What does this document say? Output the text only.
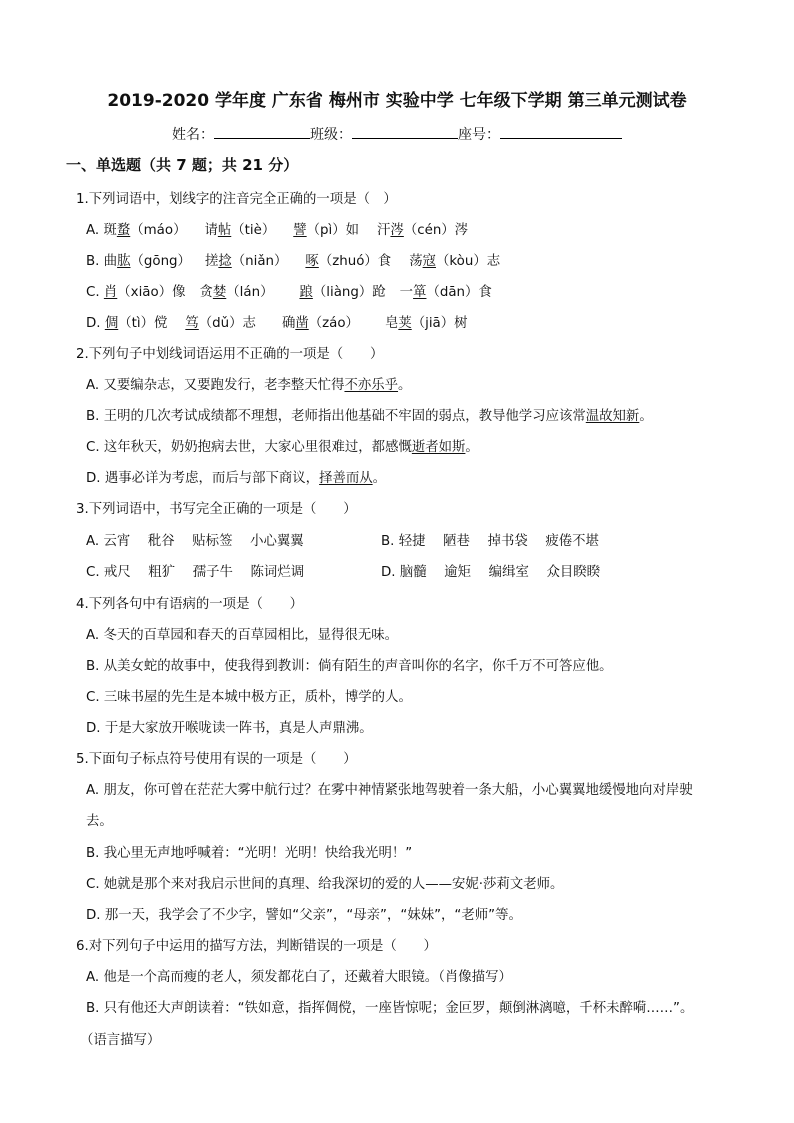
2019-2020 学年度 广东省 梅州市 实验中学 七年级下学期 第三单元测试卷
姓名：	班级：	座号：
一、单选题（共 7 题；共 21 分）
1.下列词语中，划线字的注音完全正确的一项是（　）
A. 斑蝥（máo） 请帖（tiè） 譬（pì）如 汗涔（cén）涔
B. 曲肱（gōng） 搓捻（niǎn） 啄（zhuó）食 荡寇（kòu）志
C. 肖（xiāo）像 贪婪（lán） 踉（liàng）跄 一箪（dān）食
D. 倜（tì）傥 笃（dǔ）志 确凿（záo） 皂荚（jiā）树
2.下列句子中划线词语运用不正确的一项是（　　）
A. 又要编杂志，又要跑发行，老李整天忙得不亦乐乎。
B. 王明的几次考试成绩都不理想，老师指出他基础不牢固的弱点，教导他学习应该常温故知新。
C. 这年秋天，奶奶抱病去世，大家心里很难过，都感慨逝者如斯。
D. 遇事必详为考虑，而后与部下商议，择善而从。
3.下列词语中，书写完全正确的一项是（　　）
A. 云宵　 秕谷　 贴标签　 小心翼翼	B. 轻捷　 陋巷　 掉书袋　 疲倦不堪
C. 戒尺　 粗犷　 孺子牛　 陈词烂调	D. 脑髓　 逾矩　 编缉室　 众目睽睽
4.下列各句中有语病的一项是（　　）
A. 冬天的百草园和春天的百草园相比，显得很无味。
B. 从美女蛇的故事中，使我得到教训：倘有陌生的声音叫你的名字，你千万不可答应他。
C. 三味书屋的先生是本城中极方正，质朴，博学的人。
D. 于是大家放开喉咙读一阵书，真是人声鼎沸。
5.下面句子标点符号使用有误的一项是（　　）
A. 朋友，你可曾在茫茫大雾中航行过？在雾中神情紧张地驾驶着一条大船，小心翼翼地缓慢地向对岸驶
去。
B. 我心里无声地呼喊着：“光明！光明！快给我光明！”
C. 她就是那个来对我启示世间的真理、给我深切的爱的人——安妮·莎莉文老师。
D. 那一天，我学会了不少字，譬如“父亲”，“母亲”，“妹妹”，“老师”等。
6.对下列句子中运用的描写方法，判断错误的一项是（　　）
A. 他是一个高而瘦的老人，须发都花白了，还戴着大眼镜。（肖像描写）
B. 只有他还大声朗读着：“铁如意，指挥倜傥，一座皆惊呢；金叵罗，颠倒淋漓噫，千杯未醉嗬……”。
（语言描写）
